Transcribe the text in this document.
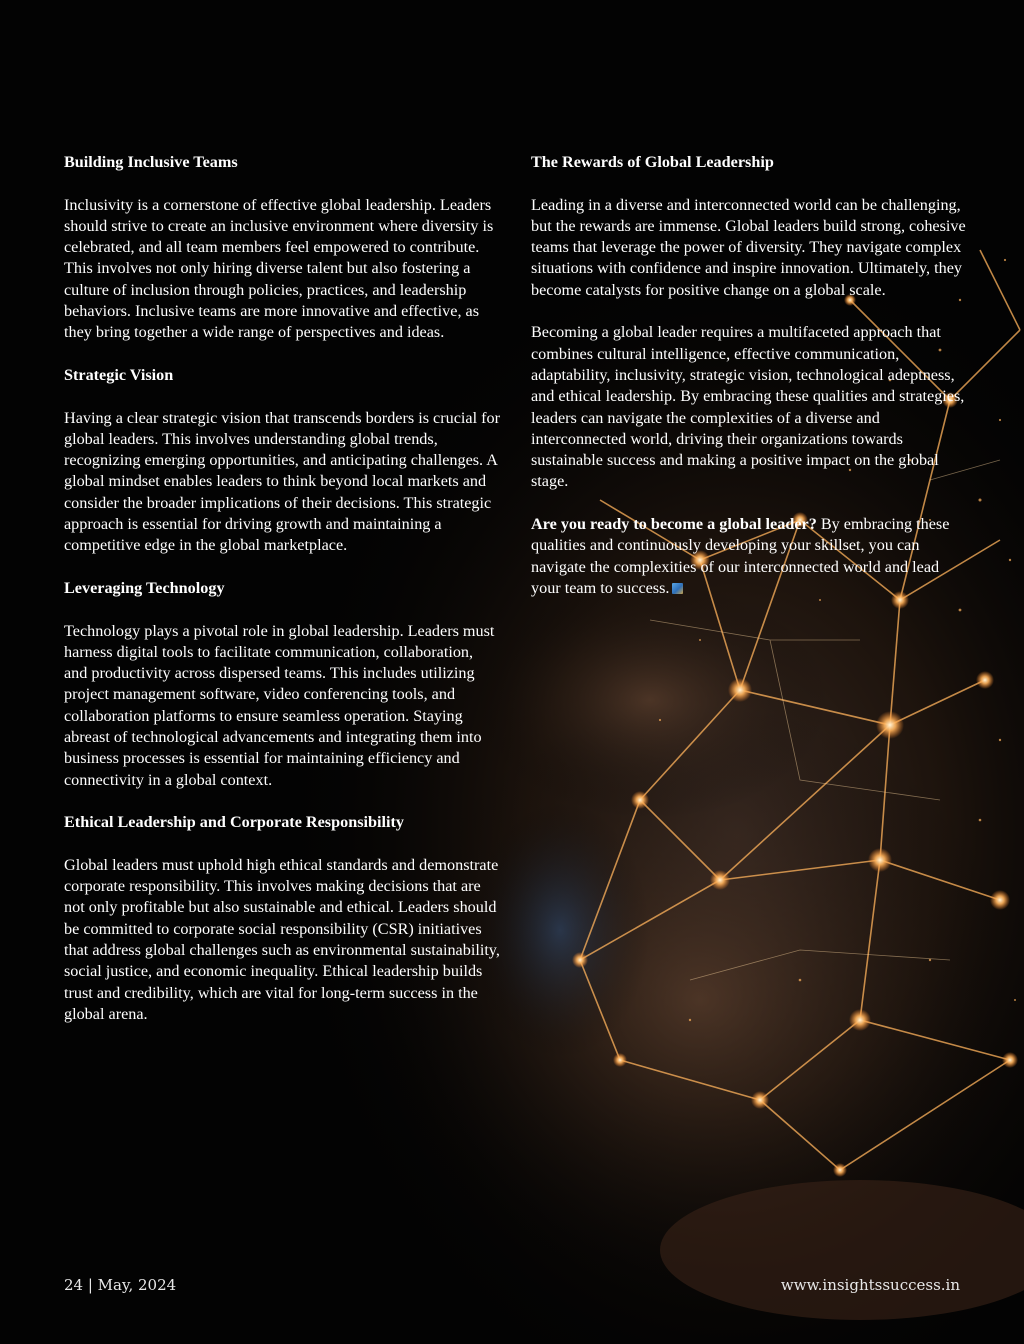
Building Inclusive Teams

Inclusivity is a cornerstone of effective global leadership. Leaders should strive to create an inclusive environment where diversity is celebrated, and all team members feel empowered to contribute. This involves not only hiring diverse talent but also fostering a culture of inclusion through policies, practices, and leadership behaviors. Inclusive teams are more innovative and effective, as they bring together a wide range of perspectives and ideas.

Strategic Vision

Having a clear strategic vision that transcends borders is crucial for global leaders. This involves understanding global trends, recognizing emerging opportunities, and anticipating challenges. A global mindset enables leaders to think beyond local markets and consider the broader implications of their decisions. This strategic approach is essential for driving growth and maintaining a competitive edge in the global marketplace.

Leveraging Technology

Technology plays a pivotal role in global leadership. Leaders must harness digital tools to facilitate communication, collaboration, and productivity across dispersed teams. This includes utilizing project management software, video conferencing tools, and collaboration platforms to ensure seamless operation. Staying abreast of technological advancements and integrating them into business processes is essential for maintaining efficiency and connectivity in a global context.

Ethical Leadership and Corporate Responsibility

Global leaders must uphold high ethical standards and demonstrate corporate responsibility. This involves making decisions that are not only profitable but also sustainable and ethical. Leaders should be committed to corporate social responsibility (CSR) initiatives that address global challenges such as environmental sustainability, social justice, and economic inequality. Ethical leadership builds trust and credibility, which are vital for long-term success in the global arena.

The Rewards of Global Leadership

Leading in a diverse and interconnected world can be challenging, but the rewards are immense. Global leaders build strong, cohesive teams that leverage the power of diversity. They navigate complex situations with confidence and inspire innovation. Ultimately, they become catalysts for positive change on a global scale.

Becoming a global leader requires a multifaceted approach that combines cultural intelligence, effective communication, adaptability, inclusivity, strategic vision, technological adeptness, and ethical leadership. By embracing these qualities and strategies, leaders can navigate the complexities of a diverse and interconnected world, driving their organizations towards sustainable success and making a positive impact on the global stage.

Are you ready to become a global leader? By embracing these qualities and continuously developing your skillset, you can navigate the complexities of our interconnected world and lead your team to success.

24 | May, 2024	www.insightssuccess.in
